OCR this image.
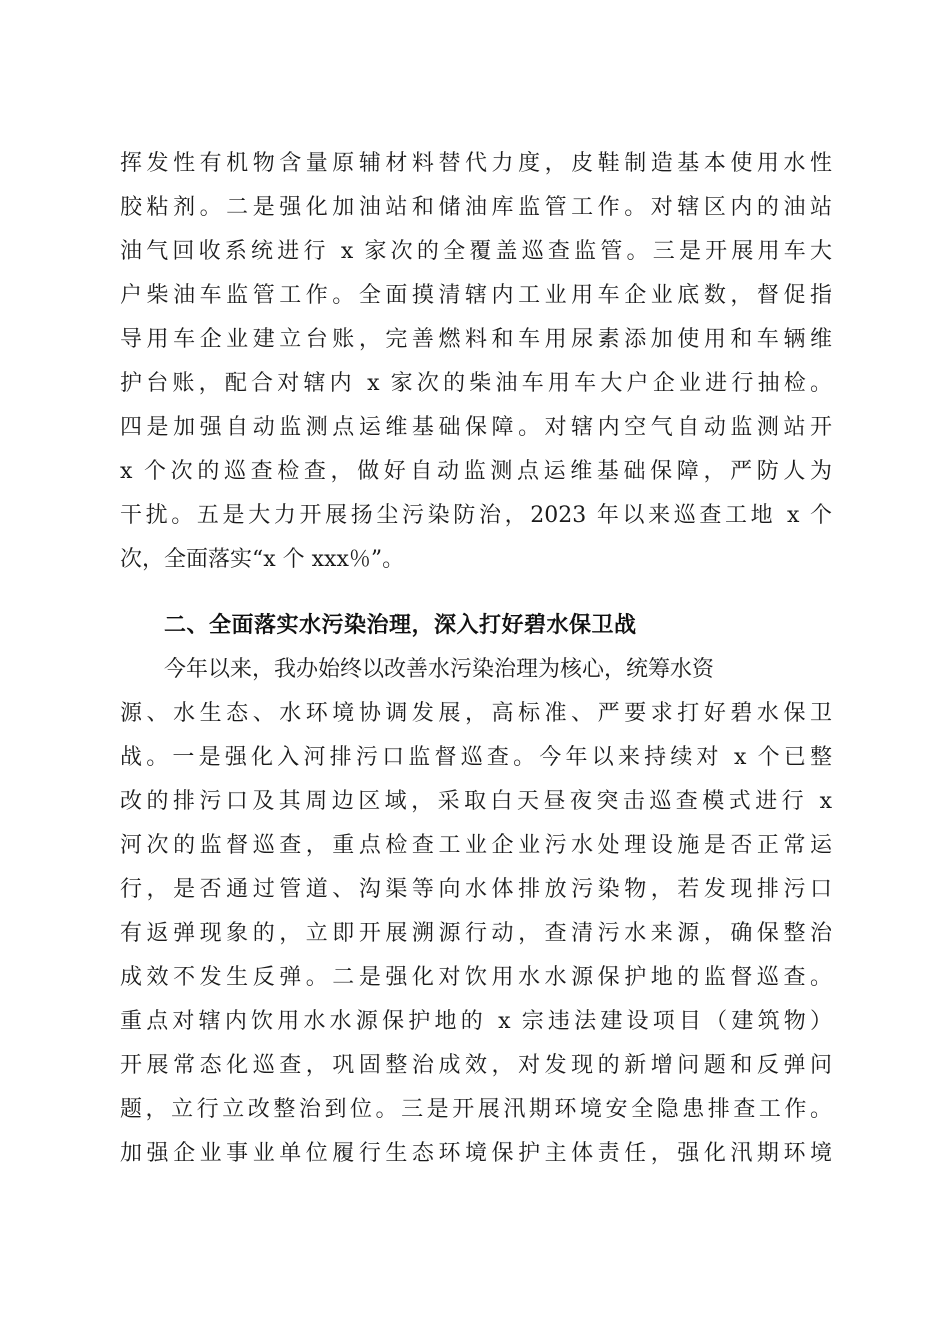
挥发性有机物含量原辅材料替代力度，皮鞋制造基本使用水性
胶粘剂。二是强化加油站和储油库监管工作。对辖区内的油站
油气回收系统进行 x 家次的全覆盖巡查监管。三是开展用车大
户柴油车监管工作。全面摸清辖内工业用车企业底数，督促指
导用车企业建立台账，完善燃料和车用尿素添加使用和车辆维
护台账，配合对辖内 x 家次的柴油车用车大户企业进行抽检。
四是加强自动监测点运维基础保障。对辖内空气自动监测站开
x 个次的巡查检查，做好自动监测点运维基础保障，严防人为
干扰。五是大力开展扬尘污染防治，2023 年以来巡查工地 x 个
次，全面落实“x 个 xxx％”。
二、全面落实水污染治理，深入打好碧水保卫战
今年以来，我办始终以改善水污染治理为核心，统筹水资
源、水生态、水环境协调发展，高标准、严要求打好碧水保卫
战。一是强化入河排污口监督巡查。今年以来持续对 x 个已整
改的排污口及其周边区域，采取白天昼夜突击巡查模式进行 x
河次的监督巡查，重点检查工业企业污水处理设施是否正常运
行，是否通过管道、沟渠等向水体排放污染物，若发现排污口
有返弹现象的，立即开展溯源行动，查清污水来源，确保整治
成效不发生反弹。二是强化对饮用水水源保护地的监督巡查。
重点对辖内饮用水水源保护地的 x 宗违法建设项目（建筑物）
开展常态化巡查，巩固整治成效，对发现的新增问题和反弹问
题，立行立改整治到位。三是开展汛期环境安全隐患排查工作。
加强企业事业单位履行生态环境保护主体责任，强化汛期环境
